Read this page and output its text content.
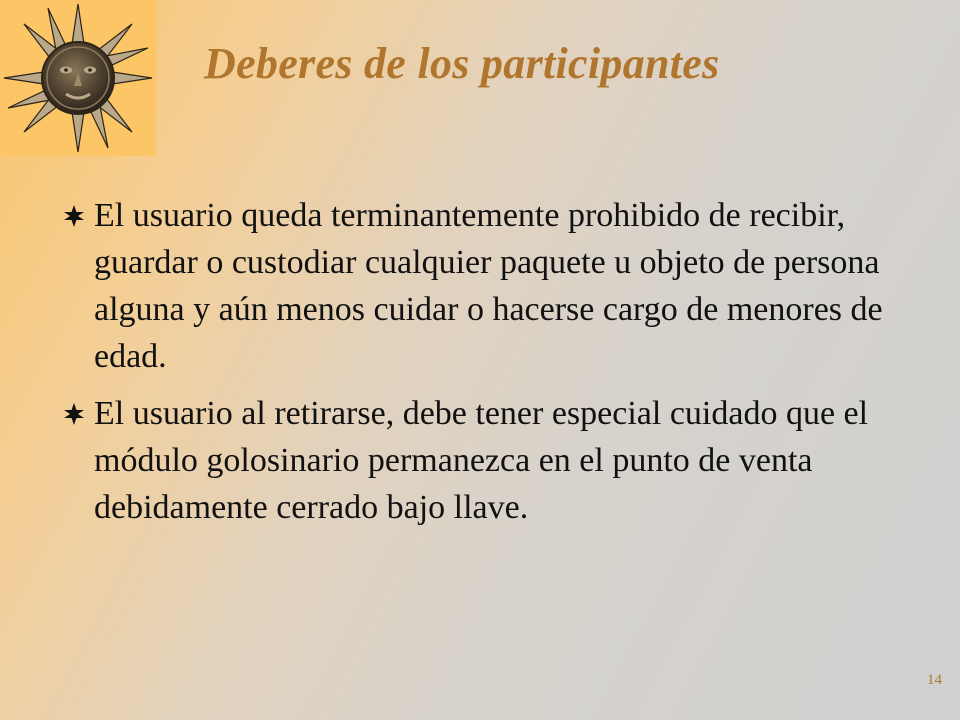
Deberes de los participantes
El usuario queda terminantemente prohibido de recibir, guardar o custodiar cualquier paquete u objeto de persona alguna y aún menos cuidar o hacerse cargo de menores de edad.
El usuario al retirarse, debe tener especial cuidado que el módulo golosinario permanezca en el punto de venta debidamente cerrado bajo llave.
14
